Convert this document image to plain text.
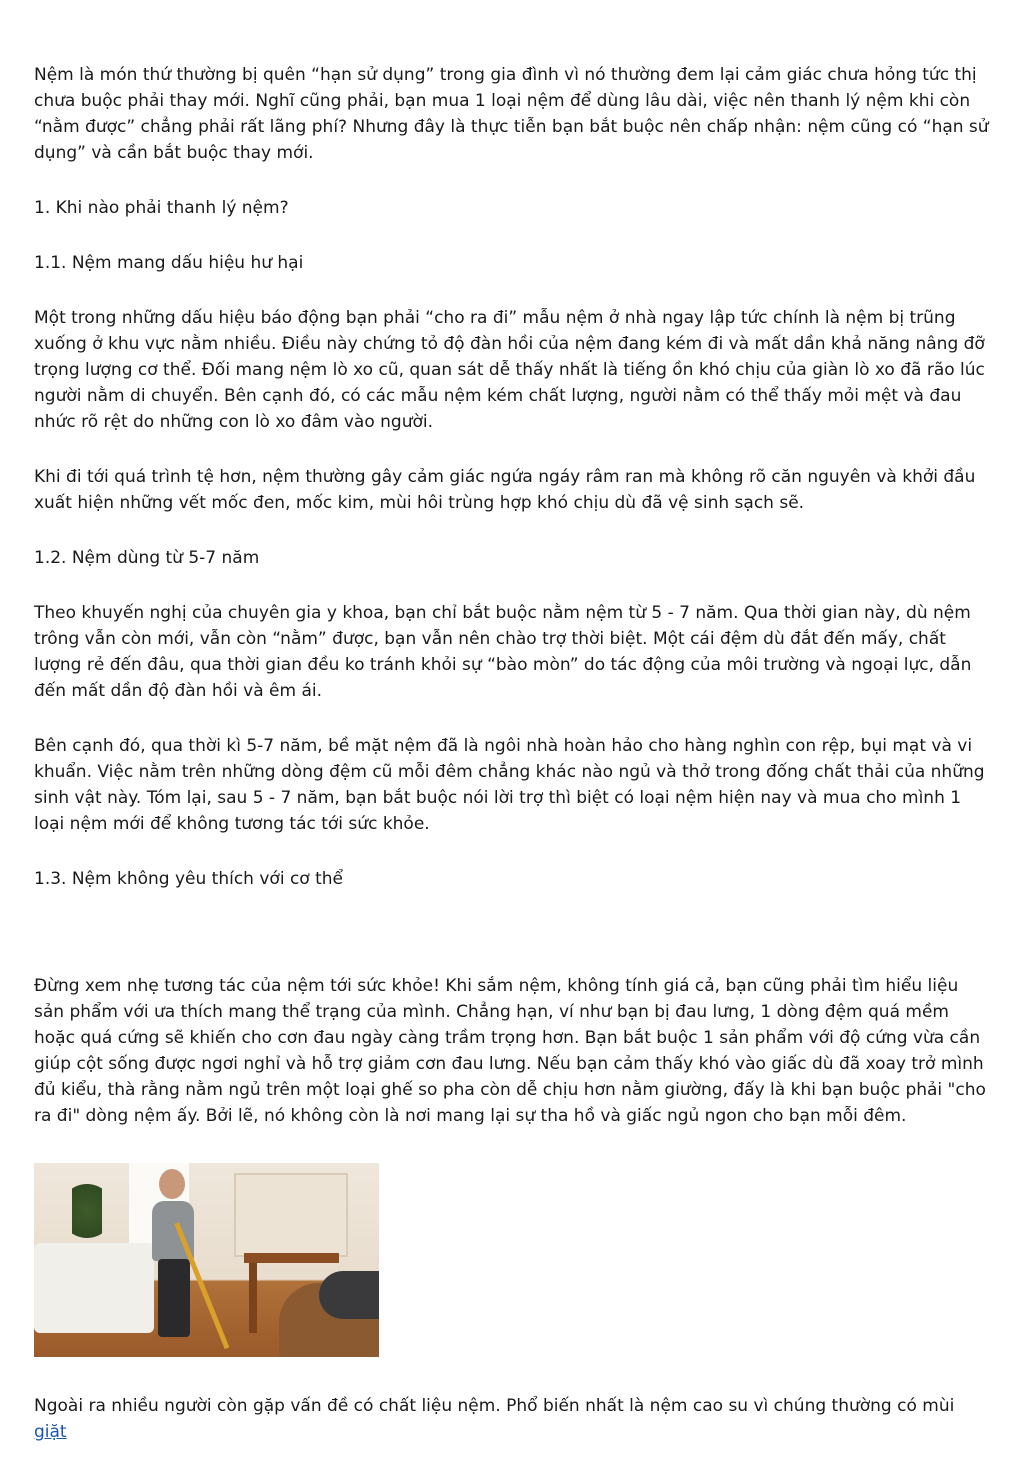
Nệm là món thứ thường bị quên “hạn sử dụng” trong gia đình vì nó thường đem lại cảm giác chưa hỏng tức thị chưa buộc phải thay mới. Nghĩ cũng phải, bạn mua 1 loại nệm để dùng lâu dài, việc nên thanh lý nệm khi còn “nằm được” chẳng phải rất lãng phí? Nhưng đây là thực tiễn bạn bắt buộc nên chấp nhận: nệm cũng có “hạn sử dụng” và cần bắt buộc thay mới.

1. Khi nào phải thanh lý nệm?

1.1. Nệm mang dấu hiệu hư hại

Một trong những dấu hiệu báo động bạn phải “cho ra đi” mẫu nệm ở nhà ngay lập tức chính là nệm bị trũng xuống ở khu vực nằm nhiều. Điều này chứng tỏ độ đàn hồi của nệm đang kém đi và mất dần khả năng nâng đỡ trọng lượng cơ thể. Đối mang nệm lò xo cũ, quan sát dễ thấy nhất là tiếng ồn khó chịu của giàn lò xo đã rão lúc người nằm di chuyển. Bên cạnh đó, có các mẫu nệm kém chất lượng, người nằm có thể thấy mỏi mệt và đau nhức rõ rệt do những con lò xo đâm vào người.

Khi đi tới quá trình tệ hơn, nệm thường gây cảm giác ngứa ngáy râm ran mà không rõ căn nguyên và khởi đầu xuất hiện những vết mốc đen, mốc kim, mùi hôi trùng hợp khó chịu dù đã vệ sinh sạch sẽ.

1.2. Nệm dùng từ 5-7 năm

Theo khuyến nghị của chuyên gia y khoa, bạn chỉ bắt buộc nằm nệm từ 5 - 7 năm. Qua thời gian này, dù nệm trông vẫn còn mới, vẫn còn “nằm” được, bạn vẫn nên chào trợ thời biệt. Một cái đệm dù đắt đến mấy, chất lượng rẻ đến đâu, qua thời gian đều ko tránh khỏi sự “bào mòn” do tác động của môi trường và ngoại lực, dẫn đến mất dần độ đàn hồi và êm ái.

Bên cạnh đó, qua thời kì 5-7 năm, bề mặt nệm đã là ngôi nhà hoàn hảo cho hàng nghìn con rệp, bụi mạt và vi khuẩn. Việc nằm trên những dòng đệm cũ mỗi đêm chẳng khác nào ngủ và thở trong đống chất thải của những sinh vật này. Tóm lại, sau 5 - 7 năm, bạn bắt buộc nói lời trợ thì biệt có loại nệm hiện nay và mua cho mình 1 loại nệm mới để không tương tác tới sức khỏe.

1.3. Nệm không yêu thích với cơ thể

Đừng xem nhẹ tương tác của nệm tới sức khỏe! Khi sắm nệm, không tính giá cả, bạn cũng phải tìm hiểu liệu sản phẩm với ưa thích mang thể trạng của mình. Chẳng hạn, ví như bạn bị đau lưng, 1 dòng đệm quá mềm hoặc quá cứng sẽ khiến cho cơn đau ngày càng trầm trọng hơn. Bạn bắt buộc 1 sản phẩm với độ cứng vừa cần giúp cột sống được ngơi nghỉ và hỗ trợ giảm cơn đau lưng. Nếu bạn cảm thấy khó vào giấc dù đã xoay trở mình đủ kiểu, thà rằng nằm ngủ trên một loại ghế so pha còn dễ chịu hơn nằm giường, đấy là khi bạn buộc phải "cho ra đi" dòng nệm ấy. Bởi lẽ, nó không còn là nơi mang lại sự tha hồ và giấc ngủ ngon cho bạn mỗi đêm.

Ngoài ra nhiều người còn gặp vấn đề có chất liệu nệm. Phổ biến nhất là nệm cao su vì chúng thường có mùi giặt
